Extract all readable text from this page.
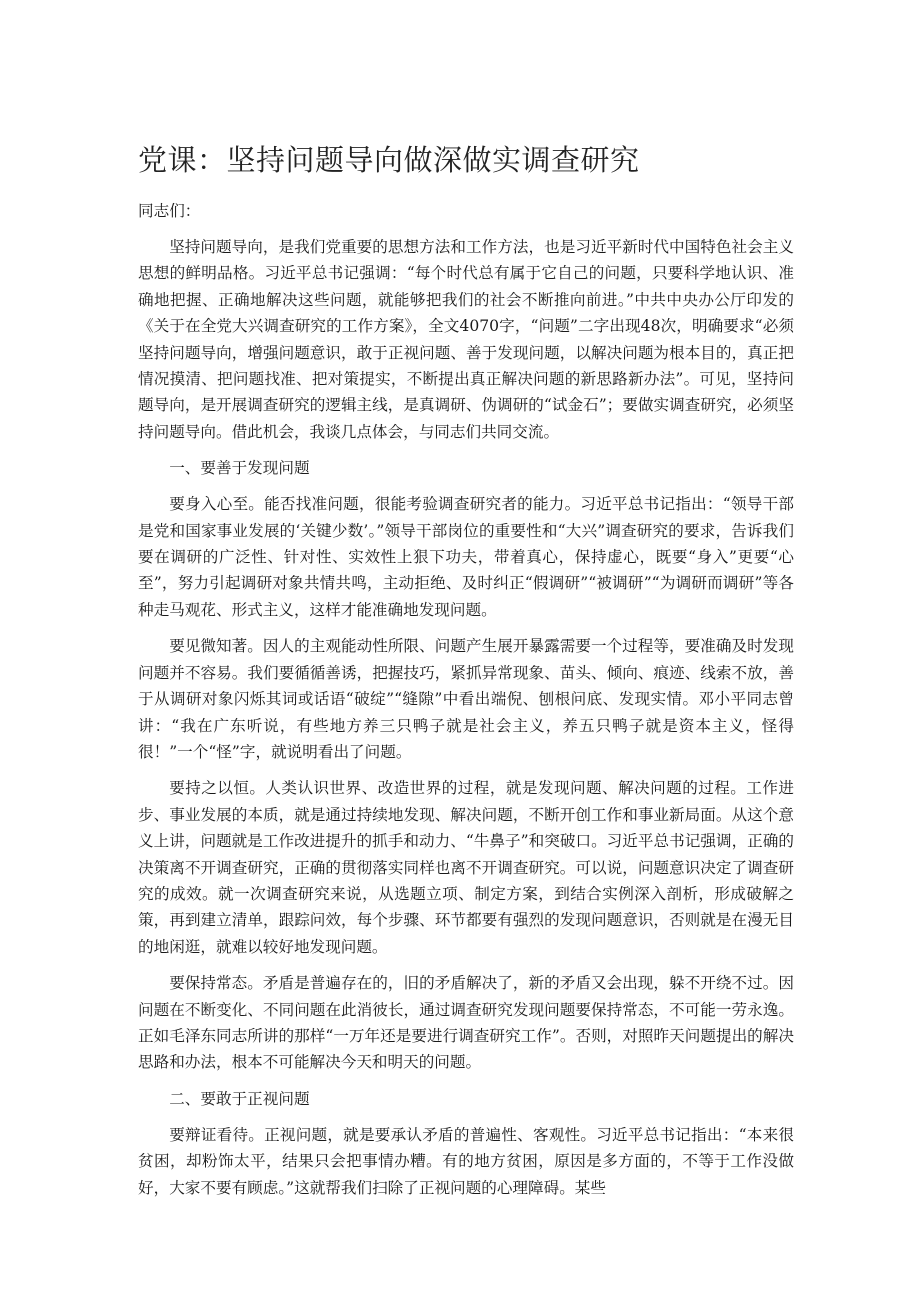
党课：坚持问题导向做深做实调查研究

同志们：

坚持问题导向，是我们党重要的思想方法和工作方法，也是习近平新时代中国特色社会主义思想的鲜明品格。习近平总书记强调：“每个时代总有属于它自己的问题，只要科学地认识、准确地把握、正确地解决这些问题，就能够把我们的社会不断推向前进。”中共中央办公厅印发的《关于在全党大兴调查研究的工作方案》，全文4070字，“问题”二字出现48次，明确要求“必须坚持问题导向，增强问题意识，敢于正视问题、善于发现问题，以解决问题为根本目的，真正把情况摸清、把问题找准、把对策提实，不断提出真正解决问题的新思路新办法”。可见，坚持问题导向，是开展调查研究的逻辑主线，是真调研、伪调研的“试金石”；要做实调查研究，必须坚持问题导向。借此机会，我谈几点体会，与同志们共同交流。

一、要善于发现问题

要身入心至。能否找准问题，很能考验调查研究者的能力。习近平总书记指出：“领导干部是党和国家事业发展的‘关键少数’。”领导干部岗位的重要性和“大兴”调查研究的要求，告诉我们要在调研的广泛性、针对性、实效性上狠下功夫，带着真心，保持虚心，既要“身入”更要“心至”，努力引起调研对象共情共鸣，主动拒绝、及时纠正“假调研”“被调研”“为调研而调研”等各种走马观花、形式主义，这样才能准确地发现问题。

要见微知著。因人的主观能动性所限、问题产生展开暴露需要一个过程等，要准确及时发现问题并不容易。我们要循循善诱，把握技巧，紧抓异常现象、苗头、倾向、痕迹、线索不放，善于从调研对象闪烁其词或话语“破绽”“缝隙”中看出端倪、刨根问底、发现实情。邓小平同志曾讲：“我在广东听说，有些地方养三只鸭子就是社会主义，养五只鸭子就是资本主义，怪得很！”一个“怪”字，就说明看出了问题。

要持之以恒。人类认识世界、改造世界的过程，就是发现问题、解决问题的过程。工作进步、事业发展的本质，就是通过持续地发现、解决问题，不断开创工作和事业新局面。从这个意义上讲，问题就是工作改进提升的抓手和动力、“牛鼻子”和突破口。习近平总书记强调，正确的决策离不开调查研究，正确的贯彻落实同样也离不开调查研究。可以说，问题意识决定了调查研究的成效。就一次调查研究来说，从选题立项、制定方案，到结合实例深入剖析，形成破解之策，再到建立清单，跟踪问效，每个步骤、环节都要有强烈的发现问题意识，否则就是在漫无目的地闲逛，就难以较好地发现问题。

要保持常态。矛盾是普遍存在的，旧的矛盾解决了，新的矛盾又会出现，躲不开绕不过。因问题在不断变化、不同问题在此消彼长，通过调查研究发现问题要保持常态，不可能一劳永逸。正如毛泽东同志所讲的那样“一万年还是要进行调查研究工作”。否则，对照昨天问题提出的解决思路和办法，根本不可能解决今天和明天的问题。

二、要敢于正视问题

要辩证看待。正视问题，就是要承认矛盾的普遍性、客观性。习近平总书记指出：“本来很贫困，却粉饰太平，结果只会把事情办糟。有的地方贫困，原因是多方面的，不等于工作没做好，大家不要有顾虑。”这就帮我们扫除了正视问题的心理障碍。某些
